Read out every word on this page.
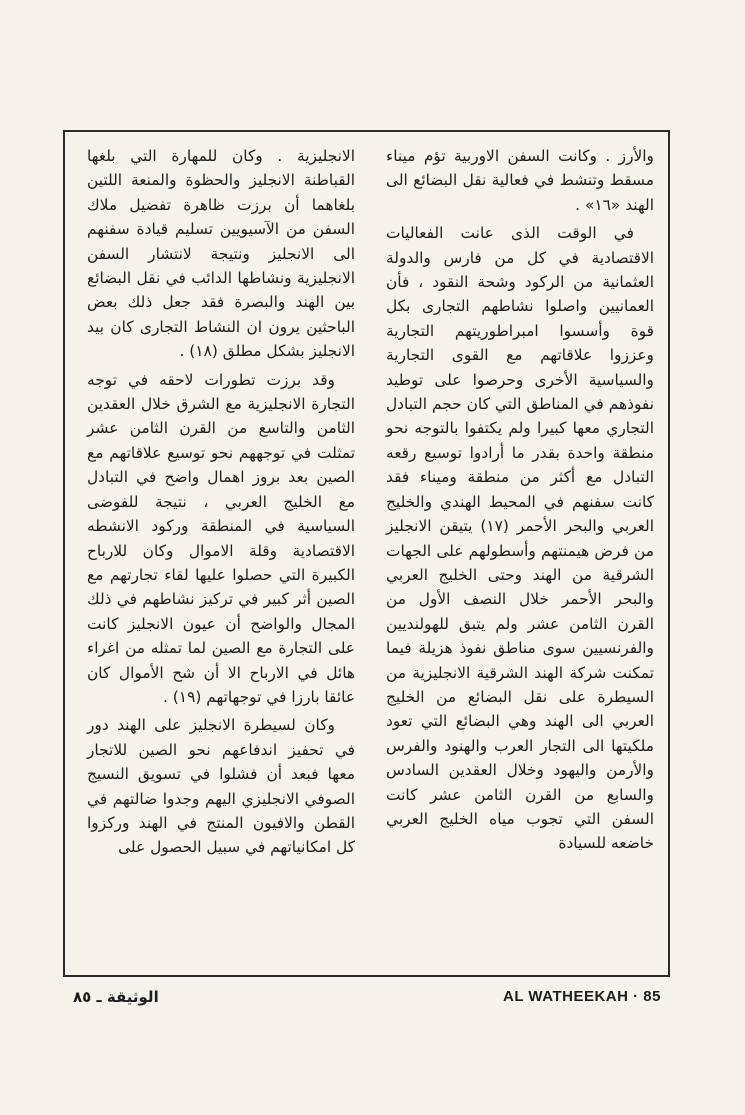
والأرز . وكانت السفن الاوربية تؤم ميناء مسقط وتنشط في فعالية نقل البضائع الى الهند «١٦» .

في الوقت الذى عانت الفعاليات الاقتصادية في كل من فارس والدولة العثمانية من الركود وشحة النقود ، فأن العمانيين واصلوا نشاطهم التجارى بكل قوة وأسسوا امبراطوريتهم التجارية وعززوا علاقاتهم مع القوى التجارية والسياسية الأخرى وحرصوا على توطيد نفوذهم في المناطق التي كان حجم التبادل التجاري معها كبيرا ولم يكتفوا بالتوجه نحو منطقة واحدة بقدر ما أرادوا توسيع رقعه التبادل مع أكثر من منطقة وميناء فقد كانت سفنهم في المحيط الهندي والخليج العربي والبحر الأحمر (١٧) يتيقن الانجليز من فرض هيمنتهم وأسطولهم على الجهات الشرقية من الهند وحتى الخليج العربي والبحر الأحمر خلال النصف الأول من القرن الثامن عشر ولم يتبق للهولنديين والفرنسيين سوى مناطق نفوذ هزيلة فيما تمكنت شركة الهند الشرقية الانجليزية من السيطرة على نقل البضائع من الخليج العربي الى الهند وهي البضائع التي تعود ملكيتها الى التجار العرب والهنود والفرس والأرمن واليهود وخلال العقدين السادس والسابع من القرن الثامن عشر كانت السفن التي تجوب مياه الخليج العربي خاضعه للسيادة

الانجليزية . وكان للمهارة التي بلغها القباطنة الانجليز والحظوة والمنعة اللتين بلغاهما أن برزت ظاهرة تفضيل ملاك السفن من الآسيويين تسليم قيادة سفنهم الى الانجليز ونتيجة لانتشار السفن الانجليزية ونشاطها الدائب في نقل البضائع بين الهند والبصرة فقد جعل ذلك بعض الباحثين يرون ان النشاط التجارى كان بيد الانجليز بشكل مطلق (١٨) .

وقد برزت تطورات لاحقه في توجه التجارة الانجليزية مع الشرق خلال العقدين الثامن والتاسع من القرن الثامن عشر تمثلت في توجههم نحو توسيع علاقاتهم مع الصين بعد بروز اهمال واضح في التبادل مع الخليج العربي ، نتيجة للفوضى السياسية في المنطقة وركود الانشطه الاقتصادية وقلة الاموال وكان للارباح الكبيرة التي حصلوا عليها لقاء تجارتهم مع الصين أثر كبير في تركيز نشاطهم في ذلك المجال والواضح أن عيون الانجليز كانت على التجارة مع الصين لما تمثله من اغراء هائل في الارباح الا أن شح الأموال كان عائقا بارزا في توجهاتهم (١٩) .

وكان لسيطرة الانجليز على الهند دور في تحفيز اندفاعهم نحو الصين للاتجار معها فبعد أن فشلوا في تسويق النسيج الصوفي الانجليزي اليهم وجدوا ضالتهم في القطن والافيون المنتج في الهند وركزوا كل امكانياتهم في سبيل الحصول على

الوثيقة ـ ٨٥	AL WATHEEKAH · 85
